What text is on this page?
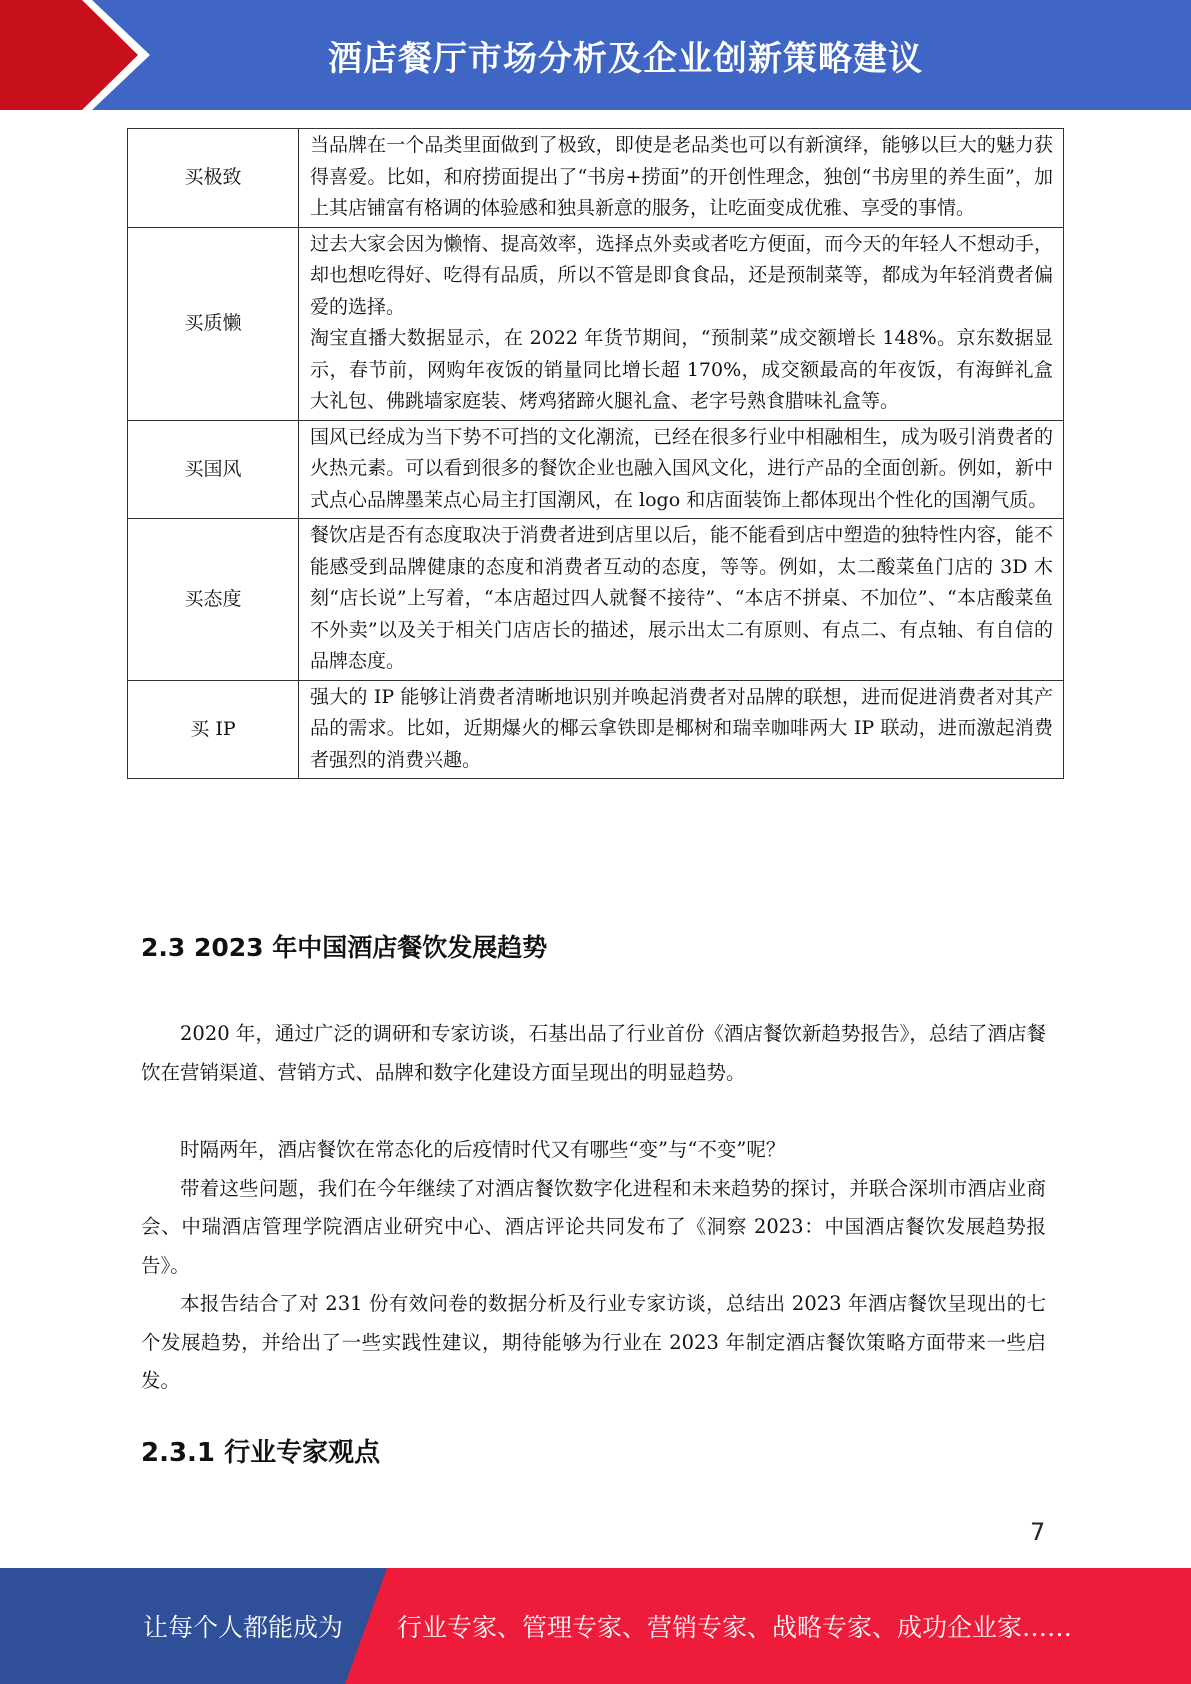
酒店餐厅市场分析及企业创新策略建议
买极致	当品牌在一个品类里面做到了极致，即使是老品类也可以有新演绎，能够以巨大的魅力获得喜爱。比如，和府捞面提出了“书房+捞面”的开创性理念，独创“书房里的养生面”，加上其店铺富有格调的体验感和独具新意的服务，让吃面变成优雅、享受的事情。

买质懒	过去大家会因为懒惰、提高效率，选择点外卖或者吃方便面，而今天的年轻人不想动手，却也想吃得好、吃得有品质，所以不管是即食食品，还是预制菜等，都成为年轻消费者偏爱的选择。
淘宝直播大数据显示，在 2022 年货节期间，“预制菜”成交额增长 148%。京东数据显示，春节前，网购年夜饭的销量同比增长超 170%，成交额最高的年夜饭，有海鲜礼盒大礼包、佛跳墙家庭装、烤鸡猪蹄火腿礼盒、老字号熟食腊味礼盒等。

买国风	国风已经成为当下势不可挡的文化潮流，已经在很多行业中相融相生，成为吸引消费者的火热元素。可以看到很多的餐饮企业也融入国风文化，进行产品的全面创新。例如，新中式点心品牌墨茉点心局主打国潮风，在 logo 和店面装饰上都体现出个性化的国潮气质。

买态度	餐饮店是否有态度取决于消费者进到店里以后，能不能看到店中塑造的独特性内容，能不能感受到品牌健康的态度和消费者互动的态度，等等。例如，太二酸菜鱼门店的 3D 木刻“店长说”上写着，“本店超过四人就餐不接待”、“本店不拼桌、不加位”、“本店酸菜鱼不外卖”以及关于相关门店店长的描述，展示出太二有原则、有点二、有点轴、有自信的品牌态度。

买 IP	强大的 IP 能够让消费者清晰地识别并唤起消费者对品牌的联想，进而促进消费者对其产品的需求。比如，近期爆火的椰云拿铁即是椰树和瑞幸咖啡两大 IP 联动，进而激起消费者强烈的消费兴趣。
2.3 2023 年中国酒店餐饮发展趋势

2020 年，通过广泛的调研和专家访谈，石基出品了行业首份《酒店餐饮新趋势报告》，总结了酒店餐饮在营销渠道、营销方式、品牌和数字化建设方面呈现出的明显趋势。

时隔两年，酒店餐饮在常态化的后疫情时代又有哪些“变”与“不变”呢？

带着这些问题，我们在今年继续了对酒店餐饮数字化进程和未来趋势的探讨，并联合深圳市酒店业商会、中瑞酒店管理学院酒店业研究中心、酒店评论共同发布了《洞察 2023：中国酒店餐饮发展趋势报告》。

本报告结合了对 231 份有效问卷的数据分析及行业专家访谈，总结出 2023 年酒店餐饮呈现出的七个发展趋势，并给出了一些实践性建议，期待能够为行业在 2023 年制定酒店餐饮策略方面带来一些启发。

2.3.1 行业专家观点
7
让每个人都能成为 行业专家、管理专家、营销专家、战略专家、成功企业家……
